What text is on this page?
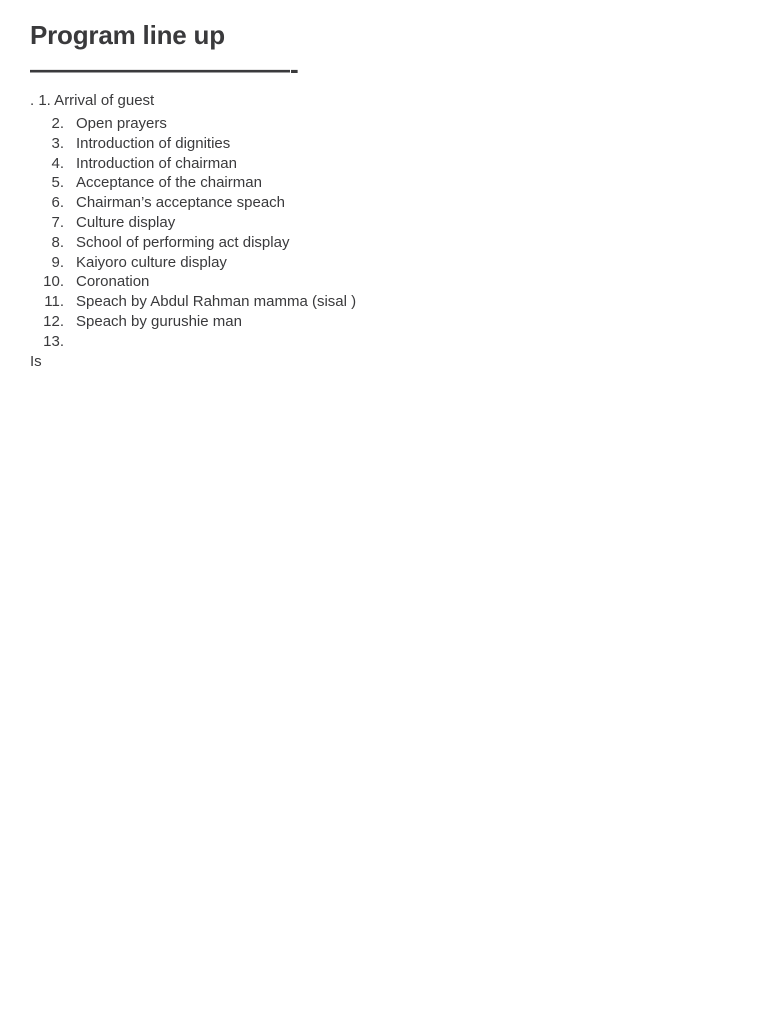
Program line up
——————————-

. 1. Arrival of guest

2. Open prayers
3. Introduction of dignities
4. Introduction of chairman
5. Acceptance of the chairman
6. Chairman’s acceptance speach
7. Culture display
8. School of performing act display
9. Kaiyoro culture display
10. Coronation
11. Speach by Abdul Rahman mamma (sisal )
12. Speach by gurushie man
13.

Is
